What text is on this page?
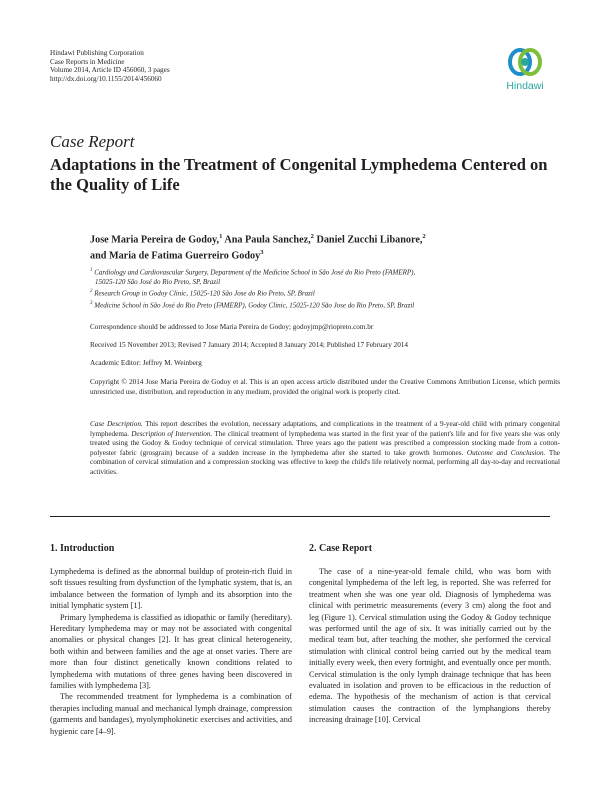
Hindawi Publishing Corporation
Case Reports in Medicine
Volume 2014, Article ID 456060, 3 pages
http://dx.doi.org/10.1155/2014/456060
Hindawi
Case Report
Adaptations in the Treatment of Congenital Lymphedema Centered on the Quality of Life
Jose Maria Pereira de Godoy,$^1$ Ana Paula Sanchez,$^2$ Daniel Zucchi Libanore,$^2$
and Maria de Fatima Guerreiro Godoy$^3$
$^1$ Cardiology and Cardiovascular Surgery, Department of the Medicine School in São José do Rio Preto (FAMERP),
15025-120 São José do Rio Preto, SP, Brazil
$^2$ Research Group in Godoy Clinic, 15025-120 São Jose do Rio Preto, SP, Brazil
$^3$ Medicine School in São José do Rio Preto (FAMERP), Godoy Clinic, 15025-120 São Jose do Rio Preto, SP, Brazil
Correspondence should be addressed to Jose Maria Pereira de Godoy; godoyjmp@riopreto.com.br
Received 15 November 2013; Revised 7 January 2014; Accepted 8 January 2014; Published 17 February 2014
Academic Editor: Jeffrey M. Weinberg
Copyright © 2014 Jose Maria Pereira de Godoy et al. This is an open access article distributed under the Creative Commons Attribution License, which permits unrestricted use, distribution, and reproduction in any medium, provided the original work is properly cited.
Case Description. This report describes the evolution, necessary adaptations, and complications in the treatment of a 9-year-old child with primary congenital lymphedema. Description of Intervention. The clinical treatment of lymphedema was started in the first year of the patient's life and for five years she was only treated using the Godoy & Godoy technique of cervical stimulation. Three years ago the patient was prescribed a compression stocking made from a cotton-polyester fabric (grosgrain) because of a sudden increase in the lymphedema after she started to take growth hormones. Outcome and Conclusion. The combination of cervical stimulation and a compression stocking was effective to keep the child's life relatively normal, performing all day-to-day and recreational activities.
1. Introduction

Lymphedema is defined as the abnormal buildup of protein-rich fluid in soft tissues resulting from dysfunction of the lymphatic system, that is, an imbalance between the formation of lymph and its absorption into the initial lymphatic system [1].

Primary lymphedema is classified as idiopathic or family (hereditary). Hereditary lymphedema may or may not be associated with congenital anomalies or physical changes [2]. It has great clinical heterogeneity, both within and between families and the age at onset varies. There are more than four distinct genetically known conditions related to lymphedema with mutations of three genes having been discovered in families with lymphedema [3].

The recommended treatment for lymphedema is a combination of therapies including manual and mechanical lymph drainage, compression (garments and bandages), myolymphokinetic exercises and activities, and hygienic care [4–9].

2. Case Report

The case of a nine-year-old female child, who was born with congenital lymphedema of the left leg, is reported. She was referred for treatment when she was one year old. Diagnosis of lymphedema was clinical with perimetric measurements (every 3 cm) along the foot and leg (Figure 1). Cervical stimulation using the Godoy & Godoy technique was performed until the age of six. It was initially carried out by the medical team but, after teaching the mother, she performed the cervical stimulation with clinical control being carried out by the medical team initially every week, then every fortnight, and eventually once per month. Cervical stimulation is the only lymph drainage technique that has been evaluated in isolation and proven to be efficacious in the reduction of edema. The hypothesis of the mechanism of action is that cervical stimulation causes the contraction of the lymphangions thereby increasing drainage [10]. Cervical
